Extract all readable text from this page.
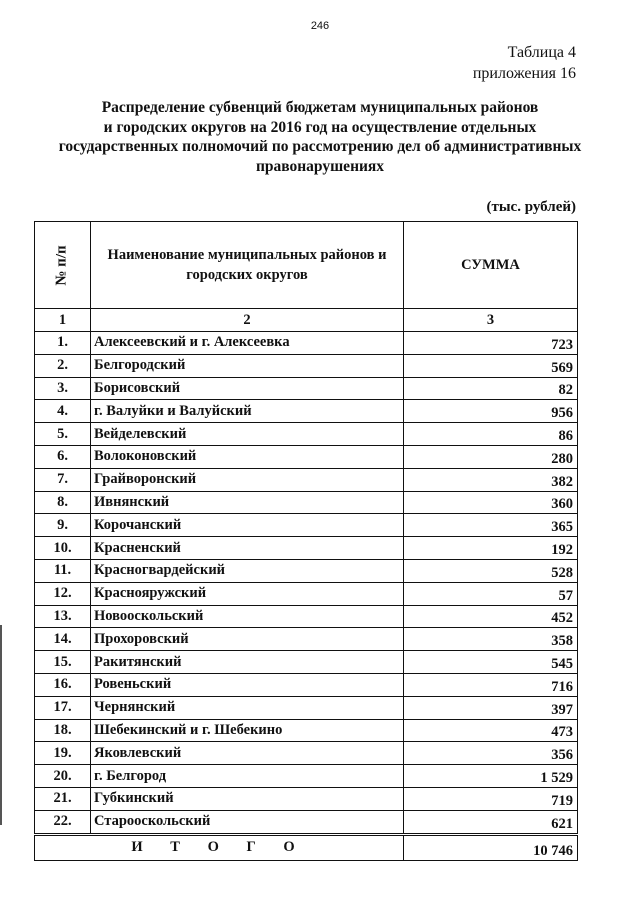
246
Таблица 4
приложения 16
Распределение субвенций бюджетам муниципальных районов
и городских округов на 2016 год на осуществление отдельных
государственных полномочий по рассмотрению дел об административных
правонарушениях
(тыс. рублей)
№ п/п	Наименование муниципальных районов и городских округов	СУММА
1	2	3
1.	Алексеевский и г. Алексеевка	723
2.	Белгородский	569
3.	Борисовский	82
4.	г. Валуйки и Валуйский	956
5.	Вейделевский	86
6.	Волоконовский	280
7.	Грайворонский	382
8.	Ивнянский	360
9.	Корочанский	365
10.	Красненский	192
11.	Красногвардейский	528
12.	Краснояружский	57
13.	Новооскольский	452
14.	Прохоровский	358
15.	Ракитянский	545
16.	Ровеньский	716
17.	Чернянский	397
18.	Шебекинский и г. Шебекино	473
19.	Яковлевский	356
20.	г. Белгород	1 529
21.	Губкинский	719
22.	Старооскольский	621
И Т О Г О		10 746
